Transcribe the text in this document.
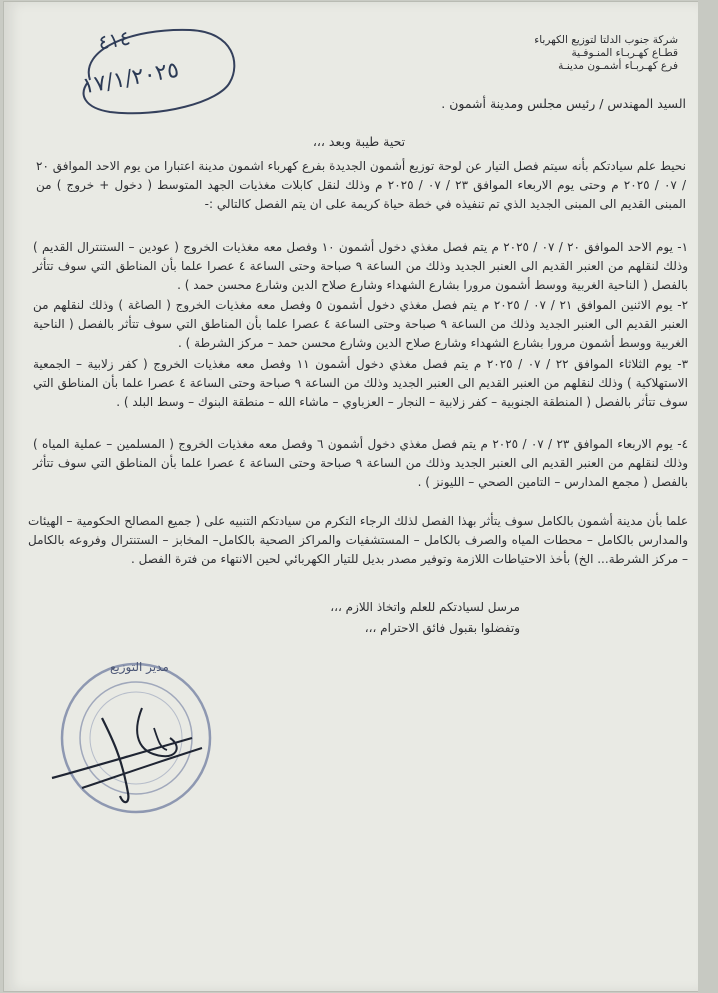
٤١٤
١٧/١/٢٠٢٥
شركة جنوب الدلتا لتوزيع الكهرباء
قطـاع كهـربـاء المنـوفـية
فرع كهـربـاء أشمـون مدينـة
السيد المهندس / رئيس مجلس ومدينة أشمون .
تحية طيبة وبعد ،،،
نحيط علم سيادتكم بأنه سيتم فصل التيار عن لوحة توزيع أشمون الجديدة بفرع كهرباء اشمون مدينة اعتبارا من يوم الاحد الموافق ٢٠ / ٠٧ / ٢٠٢٥ م وحتى يوم الاربعاء الموافق ٢٣ / ٠٧ / ٢٠٢٥ م وذلك لنقل كابلات مغذيات الجهد المتوسط ( دخول + خروج ) من المبنى القديم الى المبنى الجديد الذي تم تنفيذه في خطة حياة كريمة على ان يتم الفصل كالتالي :-
١- يوم الاحد الموافق ٢٠ / ٠٧ / ٢٠٢٥ م يتم فصل مغذي دخول أشمون ١٠ وفصل معه مغذيات الخروج ( عودين – الستنترال القديم ) وذلك لنقلهم من العنبر القديم الى العنبر الجديد وذلك من الساعة ٩ صباحة وحتى الساعة ٤ عصرا علما بأن المناطق التي سوف تتأثر بالفصل ( الناحية الغربية ووسط أشمون مرورا بشارع الشهداء وشارع صلاح الدين وشارع محسن حمد ) .
٢- يوم الاثنين الموافق ٢١ / ٠٧ / ٢٠٢٥ م يتم فصل مغذي دخول أشمون ٥ وفصل معه مغذيات الخروج ( الصاغة ) وذلك لنقلهم من العنبر القديم الى العنبر الجديد وذلك من الساعة ٩ صباحة وحتى الساعة ٤ عصرا علما بأن المناطق التي سوف تتأثر بالفصل ( الناحية الغربية ووسط أشمون مرورا بشارع الشهداء وشارع صلاح الدين وشارع محسن حمد – مركز الشرطة ) .
٣- يوم الثلاثاء الموافق ٢٢ / ٠٧ / ٢٠٢٥ م يتم فصل مغذي دخول أشمون ١١ وفصل معه مغذيات الخروج ( كفر زلابية – الجمعية الاستهلاكية ) وذلك لنقلهم من العنبر القديم الى العنبر الجديد وذلك من الساعة ٩ صباحة وحتى الساعة ٤ عصرا علما بأن المناطق التي سوف تتأثر بالفصل ( المنطقة الجنوبية – كفر زلابية – النجار – العزباوي – ماشاء الله – منطقة البنوك – وسط البلد ) .
٤- يوم الاربعاء الموافق ٢٣ / ٠٧ / ٢٠٢٥ م يتم فصل مغذي دخول أشمون ٦ وفصل معه مغذيات الخروج ( المسلمين – عملية المياه ) وذلك لنقلهم من العنبر القديم الى العنبر الجديد وذلك من الساعة ٩ صباحة وحتى الساعة ٤ عصرا علما بأن المناطق التي سوف تتأثر بالفصل ( مجمع المدارس – التامين الصحي – الليونز ) .
علما بأن مدينة أشمون بالكامل سوف يتأثر بهذا الفصل لذلك الرجاء التكرم من سيادتكم التنبيه على ( جميع المصالح الحكومية – الهيئات والمدارس بالكامل – محطات المياه والصرف بالكامل – المستشفيات والمراكز الصحية بالكامل– المخابز – الستنترال وفروعه بالكامل – مركز الشرطة... الخ) بأخذ الاحتياطات اللازمة وتوفير مصدر بديل للتيار الكهربائي لحين الانتهاء من فترة الفصل .
مرسل لسيادتكم للعلم واتخاذ اللازم ،،،
وتفضلوا بقبول فائق الاحترام ،،،
مدير التوزيع
